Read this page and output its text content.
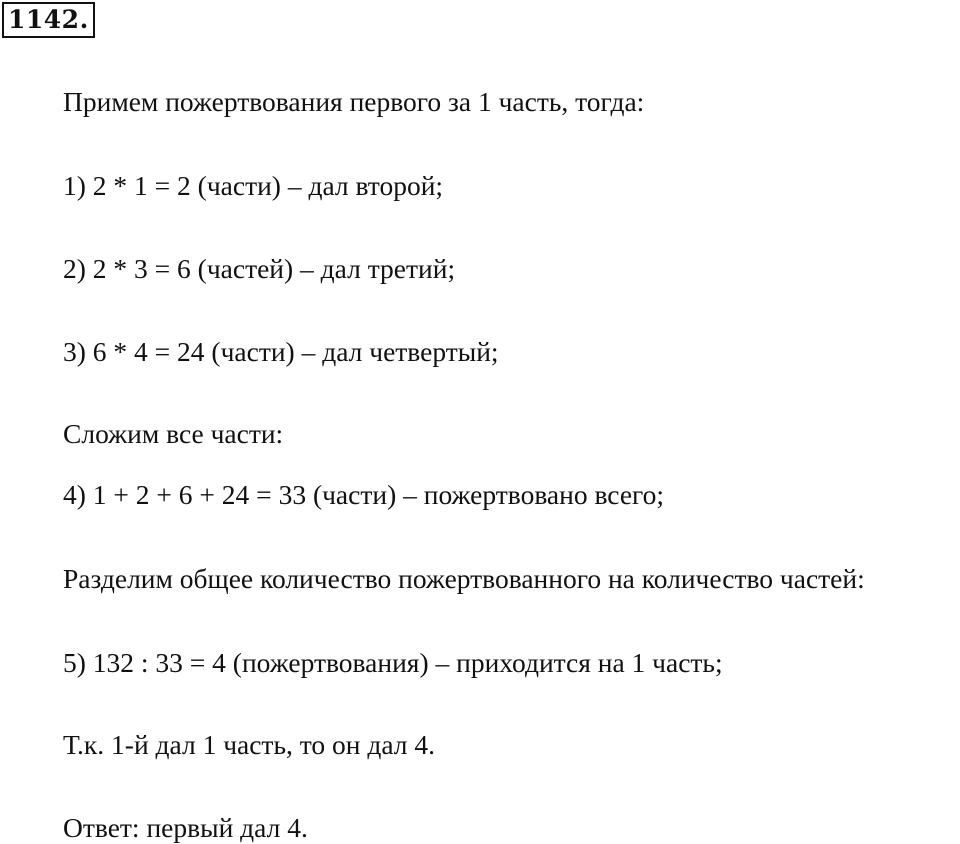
1142.
Примем пожертвования первого за 1 часть, тогда:
1) 2 * 1 = 2 (части) – дал второй;
2) 2 * 3 = 6 (частей) – дал третий;
3) 6 * 4 = 24 (части) – дал четвертый;
Сложим все части:
4) 1 + 2 + 6 + 24 = 33 (части) – пожертвовано всего;
Разделим общее количество пожертвованного на количество частей:
5) 132 : 33 = 4 (пожертвования) – приходится на 1 часть;
Т.к. 1-й дал 1 часть, то он дал 4.
Ответ: первый дал 4.
